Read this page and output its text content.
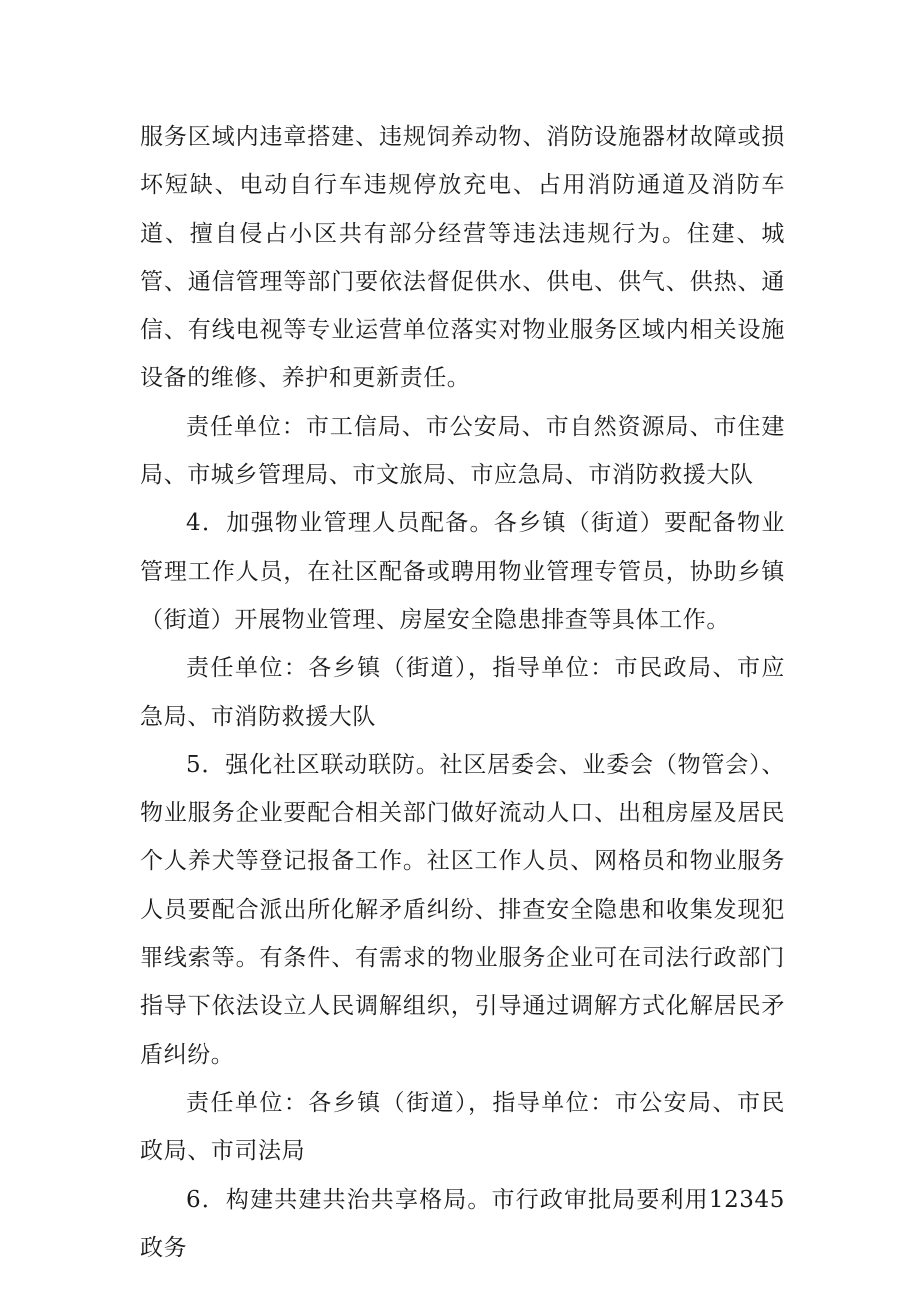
服务区域内违章搭建、违规饲养动物、消防设施器材故障或损坏短缺、电动自行车违规停放充电、占用消防通道及消防车道、擅自侵占小区共有部分经营等违法违规行为。住建、城管、通信管理等部门要依法督促供水、供电、供气、供热、通信、有线电视等专业运营单位落实对物业服务区域内相关设施设备的维修、养护和更新责任。

责任单位：市工信局、市公安局、市自然资源局、市住建局、市城乡管理局、市文旅局、市应急局、市消防救援大队

4．加强物业管理人员配备。各乡镇（街道）要配备物业管理工作人员，在社区配备或聘用物业管理专管员，协助乡镇（街道）开展物业管理、房屋安全隐患排查等具体工作。

责任单位：各乡镇（街道），指导单位：市民政局、市应急局、市消防救援大队

5．强化社区联动联防。社区居委会、业委会（物管会）、物业服务企业要配合相关部门做好流动人口、出租房屋及居民个人养犬等登记报备工作。社区工作人员、网格员和物业服务人员要配合派出所化解矛盾纠纷、排查安全隐患和收集发现犯罪线索等。有条件、有需求的物业服务企业可在司法行政部门指导下依法设立人民调解组织，引导通过调解方式化解居民矛盾纠纷。

责任单位：各乡镇（街道），指导单位：市公安局、市民政局、市司法局

6．构建共建共治共享格局。市行政审批局要利用12345政务
